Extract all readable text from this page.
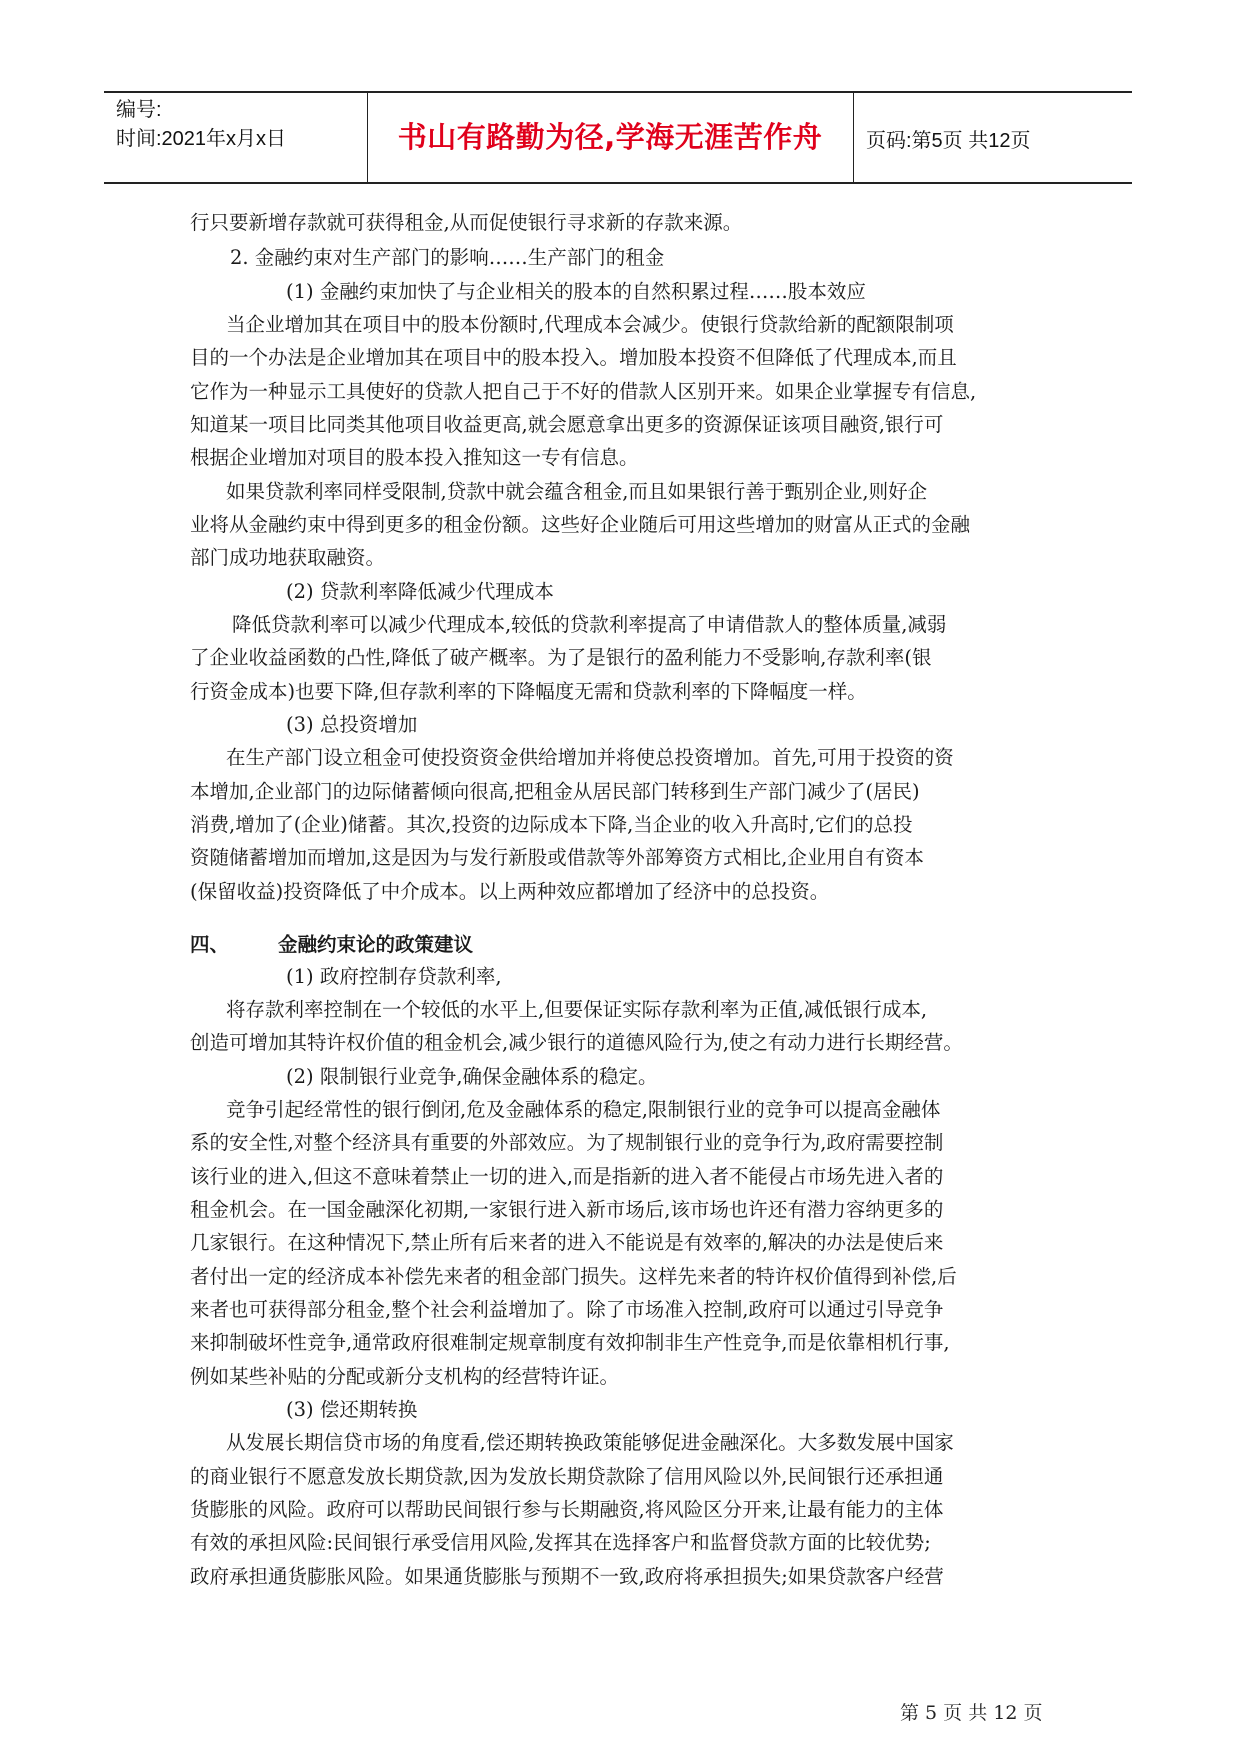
编号:
时间:2021年x月x日	书山有路勤为径,学海无涯苦作舟	页码:第5页 共12页
行只要新增存款就可获得租金,从而促使银行寻求新的存款来源。
2. 金融约束对生产部门的影响……生产部门的租金
(1) 金融约束加快了与企业相关的股本的自然积累过程……股本效应
当企业增加其在项目中的股本份额时,代理成本会减少。使银行贷款给新的配额限制项
目的一个办法是企业增加其在项目中的股本投入。增加股本投资不但降低了代理成本,而且
它作为一种显示工具使好的贷款人把自己于不好的借款人区别开来。如果企业掌握专有信息,
知道某一项目比同类其他项目收益更高,就会愿意拿出更多的资源保证该项目融资,银行可
根据企业增加对项目的股本投入推知这一专有信息。
如果贷款利率同样受限制,贷款中就会蕴含租金,而且如果银行善于甄别企业,则好企
业将从金融约束中得到更多的租金份额。这些好企业随后可用这些增加的财富从正式的金融
部门成功地获取融资。
(2) 贷款利率降低减少代理成本
降低贷款利率可以减少代理成本,较低的贷款利率提高了申请借款人的整体质量,减弱
了企业收益函数的凸性,降低了破产概率。为了是银行的盈利能力不受影响,存款利率(银
行资金成本)也要下降,但存款利率的下降幅度无需和贷款利率的下降幅度一样。
(3) 总投资增加
在生产部门设立租金可使投资资金供给增加并将使总投资增加。首先,可用于投资的资
本增加,企业部门的边际储蓄倾向很高,把租金从居民部门转移到生产部门减少了(居民)
消费,增加了(企业)储蓄。其次,投资的边际成本下降,当企业的收入升高时,它们的总投
资随储蓄增加而增加,这是因为与发行新股或借款等外部筹资方式相比,企业用自有资本
(保留收益)投资降低了中介成本。以上两种效应都增加了经济中的总投资。
四、	金融约束论的政策建议
(1) 政府控制存贷款利率,
将存款利率控制在一个较低的水平上,但要保证实际存款利率为正值,减低银行成本,
创造可增加其特许权价值的租金机会,减少银行的道德风险行为,使之有动力进行长期经营。
(2) 限制银行业竞争,确保金融体系的稳定。
竞争引起经常性的银行倒闭,危及金融体系的稳定,限制银行业的竞争可以提高金融体
系的安全性,对整个经济具有重要的外部效应。为了规制银行业的竞争行为,政府需要控制
该行业的进入,但这不意味着禁止一切的进入,而是指新的进入者不能侵占市场先进入者的
租金机会。在一国金融深化初期,一家银行进入新市场后,该市场也许还有潜力容纳更多的
几家银行。在这种情况下,禁止所有后来者的进入不能说是有效率的,解决的办法是使后来
者付出一定的经济成本补偿先来者的租金部门损失。这样先来者的特许权价值得到补偿,后
来者也可获得部分租金,整个社会利益增加了。除了市场准入控制,政府可以通过引导竞争
来抑制破坏性竞争,通常政府很难制定规章制度有效抑制非生产性竞争,而是依靠相机行事,
例如某些补贴的分配或新分支机构的经营特许证。
(3) 偿还期转换
从发展长期信贷市场的角度看,偿还期转换政策能够促进金融深化。大多数发展中国家
的商业银行不愿意发放长期贷款,因为发放长期贷款除了信用风险以外,民间银行还承担通
货膨胀的风险。政府可以帮助民间银行参与长期融资,将风险区分开来,让最有能力的主体
有效的承担风险:民间银行承受信用风险,发挥其在选择客户和监督贷款方面的比较优势;
政府承担通货膨胀风险。如果通货膨胀与预期不一致,政府将承担损失;如果贷款客户经营
第 5 页 共 12 页
